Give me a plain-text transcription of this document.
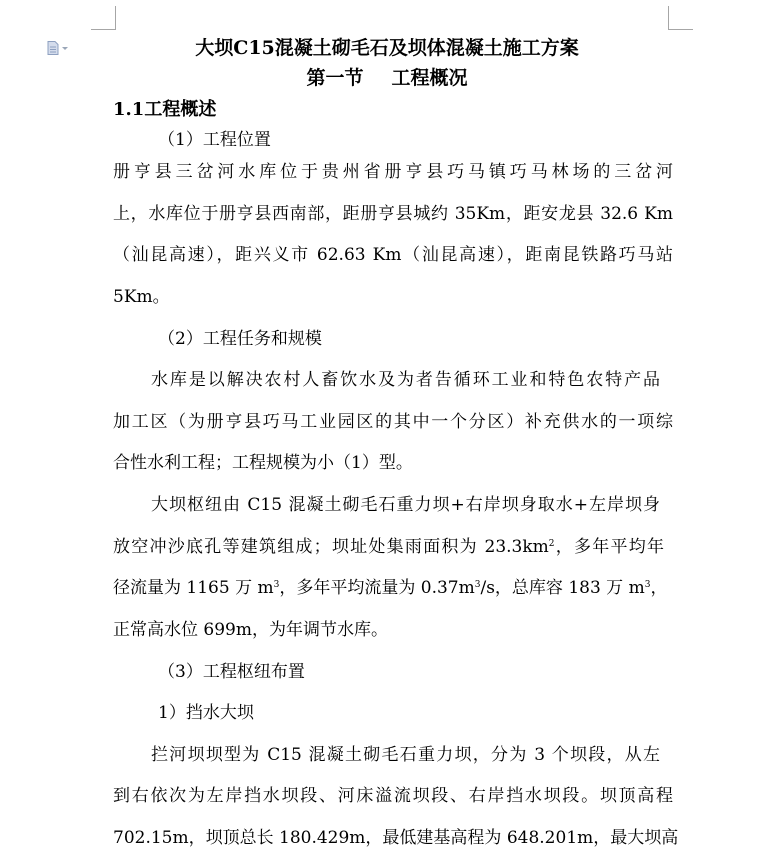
大坝C15混凝土砌毛石及坝体混凝土施工方案
第一节 工程概况
1.1工程概述
（1）工程位置
册亨县三岔河水库位于贵州省册亨县巧马镇巧马林场的三岔河
上，水库位于册亨县西南部，距册亨县城约 35Km，距安龙县 32.6 Km
（汕昆高速），距兴义市 62.63 Km（汕昆高速），距南昆铁路巧马站
5Km。
（2）工程任务和规模
水库是以解决农村人畜饮水及为者告循环工业和特色农特产品
加工区（为册亨县巧马工业园区的其中一个分区）补充供水的一项综
合性水利工程；工程规模为小（1）型。
大坝枢纽由 C15 混凝土砌毛石重力坝+右岸坝身取水+左岸坝身
放空冲沙底孔等建筑组成；坝址处集雨面积为 $23.3km^2$，多年平均年
径流量为 1165 万 $m^3$，多年平均流量为 $0.37m^3/s$，总库容 183 万 $m^3$，
正常高水位 699m，为年调节水库。
（3）工程枢纽布置
1）挡水大坝
拦河坝坝型为 C15 混凝土砌毛石重力坝，分为 3 个坝段，从左
到右依次为左岸挡水坝段、河床溢流坝段、右岸挡水坝段。坝顶高程
702.15m，坝顶总长 180.429m，最低建基高程为 648.201m，最大坝高
